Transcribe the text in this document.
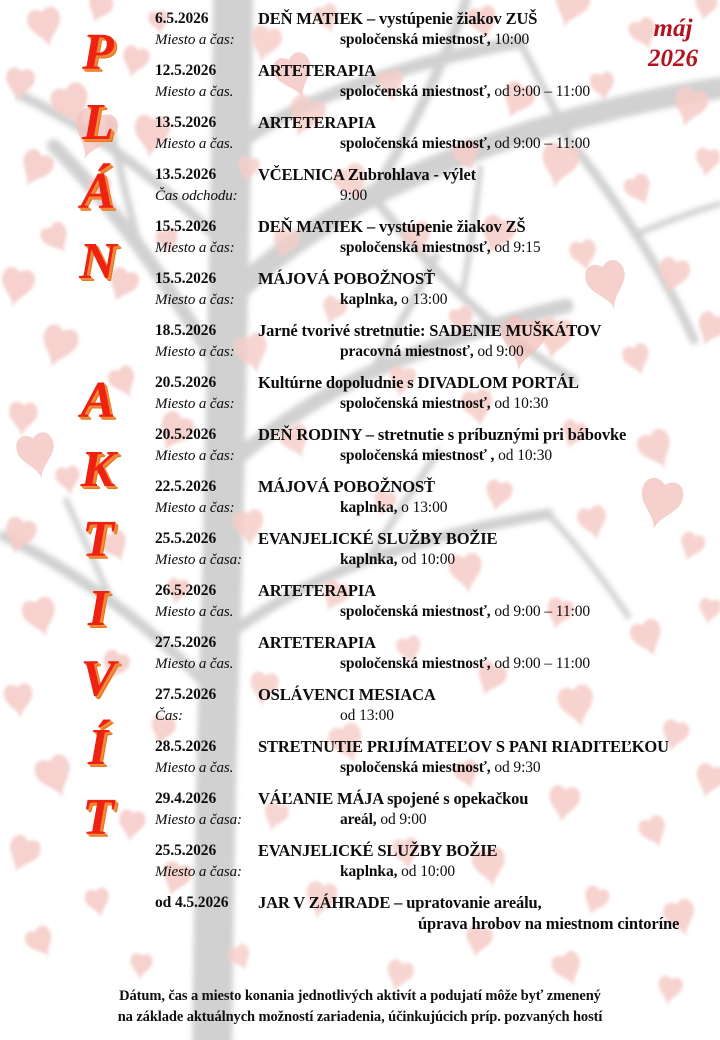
P
L
Á
N

A
K
T
I
V
Í
T
máj
2026
6.5.2026	DEŇ MATIEK – vystúpenie žiakov ZUŠ
Miesto a čas:	spoločenská miestnosť, 10:00
12.5.2026	ARTETERAPIA
Miesto a čas.	spoločenská miestnosť, od 9:00 – 11:00
13.5.2026	ARTETERAPIA
Miesto a čas.	spoločenská miestnosť, od 9:00 – 11:00
13.5.2026	VČELNICA Zubrohlava - výlet
Čas odchodu:	9:00
15.5.2026	DEŇ MATIEK – vystúpenie žiakov ZŠ
Miesto a čas:	spoločenská miestnosť, od 9:15
15.5.2026	MÁJOVÁ POBOŽNOSŤ
Miesto a čas:	kaplnka, o 13:00
18.5.2026	Jarné tvorivé stretnutie: SADENIE MUŠKÁTOV
Miesto a čas:	pracovná miestnosť, od 9:00
20.5.2026	Kultúrne dopoludnie s DIVADLOM PORTÁL
Miesto a čas:	spoločenská miestnosť, od 10:30
20.5.2026	DEŇ RODINY – stretnutie s príbuznými pri bábovke
Miesto a čas:	spoločenská miestnosť , od 10:30
22.5.2026	MÁJOVÁ POBOŽNOSŤ
Miesto a čas:	kaplnka, o 13:00
25.5.2026	EVANJELICKÉ SLUŽBY BOŽIE
Miesto a časa:	kaplnka, od 10:00
26.5.2026	ARTETERAPIA
Miesto a čas.	spoločenská miestnosť, od 9:00 – 11:00
27.5.2026	ARTETERAPIA
Miesto a čas.	spoločenská miestnosť, od 9:00 – 11:00
27.5.2026	OSLÁVENCI MESIACA
Čas:	od 13:00
28.5.2026	STRETNUTIE PRIJÍMATEĽOV S PANI RIADITEĽKOU
Miesto a čas.	spoločenská miestnosť, od 9:30
29.4.2026	VÁĽANIE MÁJA spojené s opekačkou
Miesto a časa:	areál, od 9:00
25.5.2026	EVANJELICKÉ SLUŽBY BOŽIE
Miesto a časa:	kaplnka, od 10:00
od 4.5.2026 JAR V ZÁHRADE – upratovanie areálu,
úprava hrobov na miestnom cintoríne
Dátum, čas a miesto konania jednotlivých aktivít a podujatí môže byť zmenený
na základe aktuálnych možností zariadenia, účinkujúcich príp. pozvaných hostí
